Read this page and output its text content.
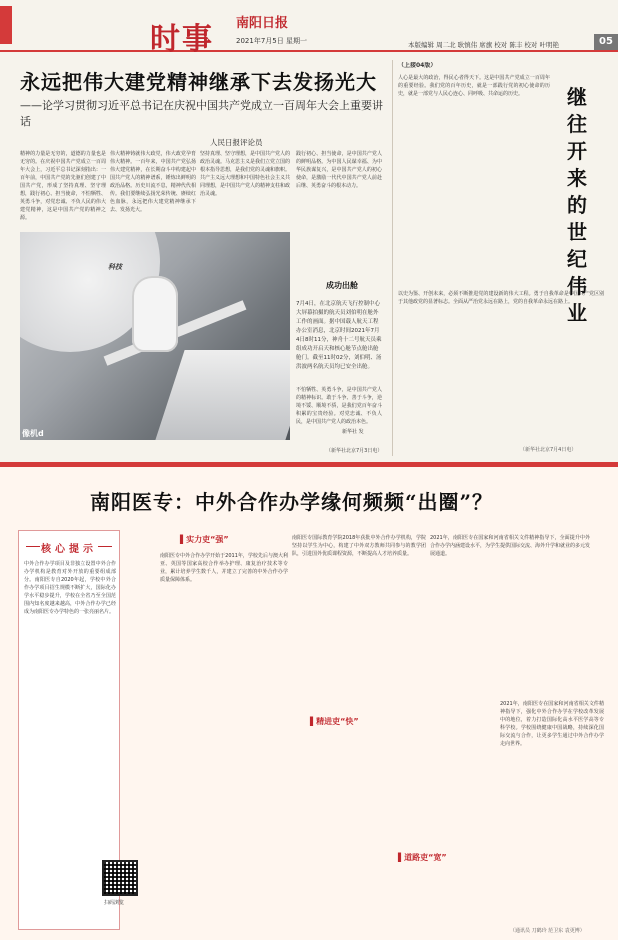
时事 南阳日报
2021年7月5日 星期一	本版编辑 周二北 耿慎伟 席旗 校对 陈丰 校对 叶明艳	05
永远把伟大建党精神继承下去发扬光大
——论学习贯彻习近平总书记在庆祝中国共产党成立一百周年大会上重要讲话
人民日报评论员
精神的力量是无穷的，道德的力量也是无穷的。在庆祝中国共产党成立一百周年大会上，习近平总书记深刻指出：一百年前，中国共产党的先驱们创建了中国共产党，形成了坚持真理、坚守理想，践行初心、担当使命，不怕牺牲、英勇斗争，对党忠诚、不负人民的伟大建党精神，这是中国共产党的精神之源。
伟大精神铸就伟大政党，伟大政党孕育伟大精神。一百年来，中国共产党弘扬伟大建党精神，在长期奋斗中构建起中国共产党人的精神谱系，锤炼出鲜明的政治品格。历史川流不息，精神代代相传。我们要继续弘扬光荣传统、赓续红色血脉，永远把伟大建党精神继承下去、发扬光大。
坚持真理、坚守理想，是中国共产党人的政治灵魂。马克思主义是我们立党立国的根本指导思想，是我们党的灵魂和旗帜。共产主义远大理想和中国特色社会主义共同理想，是中国共产党人的精神支柱和政治灵魂。
践行初心、担当使命，是中国共产党人的鲜明品格。为中国人民谋幸福、为中华民族谋复兴，是中国共产党人的初心使命，是激励一代代中国共产党人前赴后继、英勇奋斗的根本动力。
不怕牺牲、英勇斗争，是中国共产党人的精神标识。敢于斗争、善于斗争，逆境不馁、顺境不骄，是我们党百年奋斗积累的宝贵经验。对党忠诚、不负人民，是中国共产党人的政治本色。
（新华社北京7月3日电）
像机d
科技
成功出舱
7月4日，在北京航天飞行控制中心大屏幕拍摄的航天员刘伯明在舱外工作的画面。据中国载人航天工程办公室消息，北京时间2021年7月4日8时11分，神舟十二号航天员乘组成功开启天和核心舱节点舱出舱舱门。截至11时02分，刘伯明、汤洪波两名航天员均已安全出舱。
新华社 发
（上接04版）
人心是最大的政治，得民心者得天下。这是中国共产党成立一百周年的重要经验。我们党的百年历史，就是一部践行党的初心使命的历史，就是一部党与人民心连心、同呼吸、共命运的历史。
以史为鉴、开创未来，必须不断推进党的建设新的伟大工程。勇于自我革命是中国共产党区别于其他政党的显著标志。全面从严治党永远在路上，党的自我革命永远在路上。
继往开来的世纪伟业
（新华社北京7月4日电）
南阳医专：中外合作办学缘何频频“出圈”？
核心提示
中外合作办学项目及非独立设置中外合作办学机构是教育对外开放的重要组成部分。南阳医专自2020年起，学校中外合作办学项目招生规模不断扩大，国际化办学水平稳步提升，学校在全省乃至全国范围内知名度越来越高，中外合作办学已经成为南阳医专办学特色的一张亮丽名片。
扫码浏览
▌实力吏“强”
南阳医专中外合作办学开始于2011年，学校先后与澳大利亚、英国等国家高校合作举办护理、康复治疗技术等专业，累计培养学生数千人，并建立了完善的中外合作办学质量保障体系。
▌精进吏“快”
南阳医专国际教育学院2018年获批中外合作办学机构，学院坚持以学生为中心，构建了中外双方教师共同参与的教学团队，引进国外优质课程资源，不断提高人才培养质量。
▌道路吏“宽”
2021年，南阳医专在国家和河南省相关文件精神指导下，全面提升中外合作办学内涵建设水平，为学生提供国际交流、海外升学和就业的多元发展通道。
2021年，南阳医专在国家和河南省相关文件精神指导下，强化中外合作办学在学校改革发展中的地位，着力打造国际化高水平医学高等专科学校。学校围绕健康中国战略，持续深化国际交流与合作，让更多学生通过中外合作办学走向世界。
（通讯员 刀鹤玲 范卫东 袁更博）
